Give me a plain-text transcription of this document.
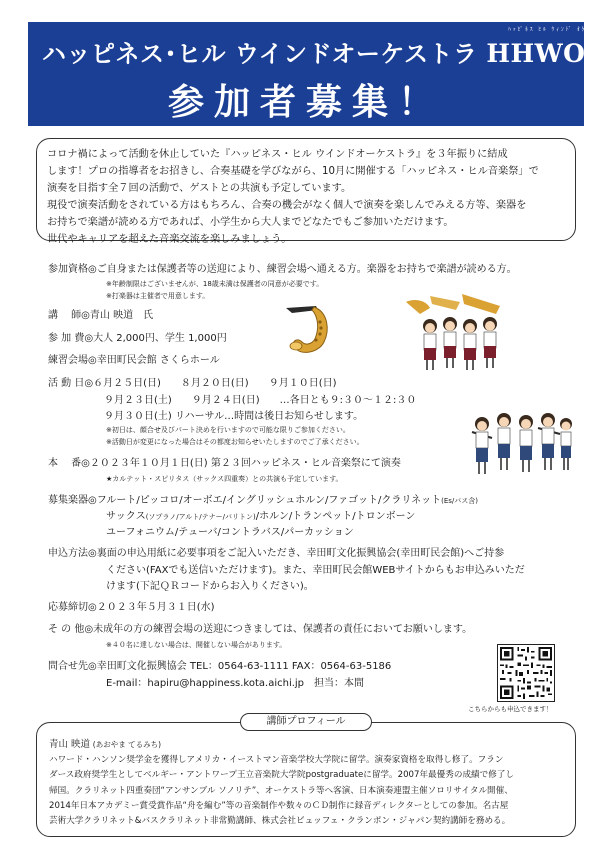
ﾊｯﾋﾟﾈｽ ﾋﾙ ｳｨﾝﾄﾞ ｵｹ
ハッピネス･ヒル ウインドオーケストラ HHWO
参加者募集！

コロナ禍によって活動を休止していた『ハッピネス・ヒル ウインドオーケストラ』を３年振りに結成

します！プロの指導者をお招きし、合奏基礎を学びながら、10月に開催する「ハッピネス・ヒル音楽祭」で

演奏を目指す全７回の活動で、ゲストとの共演も予定しています。

現役で演奏活動をされている方はもちろん、合奏の機会がなく個人で演奏を楽しんでみえる方等、楽器を

お持ちで楽譜が読める方であれば、小学生から大人までどなたでもご参加いただけます。

世代やキャリアを超えた音楽交流を楽しみましょう。

参加資格◎ご自身または保護者等の送迎により、練習会場へ通える方。楽器をお持ちで楽譜が読める方。
※年齢制限はございませんが、18歳未満は保護者の同意が必要です。
※打楽器は主催者で用意します。
講　 師◎青山 映道　氏
参 加 費◎大人 2,000円、学生 1,000円
練習会場◎幸田町民会館 さくらホール
活 動 日◎６月２５日(日)　　８月２０日(日)　　９月１０日(日)
９月２３日(土)　　９月２４日(日)　　…各日とも９:３０～１２:３０
９月３０日(土) リハーサル…時間は後日お知らせします。
※初日は、顔合せ及びパート決めを行いますので可能な限りご参加ください。
※活動日が変更になった場合はその都度お知らせいたしますのでご了承ください。
本　 番◎２０２３年１０月１日(日) 第２３回ハッピネス・ヒル音楽祭にて演奏
★カルテット・スピリタス（サックス四重奏）との共演も予定しています。
募集楽器◎フルート/ピッコロ/オーボエ/イングリッシュホルン/ファゴット/クラリネット(Es/バス含)
サックス(ソプラノ/アルト/テナー/バリトン)/ホルン/トランペット/トロンボーン
ユーフォニウム/テューバ/コントラバス/パーカッション
申込方法◎裏面の申込用紙に必要事項をご記入いただき、幸田町文化振興協会(幸田町民会館)へご持参
ください(FAXでも送信いただけます)。また、幸田町民会館WEBサイトからもお申込みいただ
けます(下記ＱＲコードからお入りください)。
応募締切◎２０２３年５月３１日(水)
そ の 他◎未成年の方の練習会場の送迎につきましては、保護者の責任においてお願いします。
※４０名に達しない場合は、開催しない場合があります。
問合せ先◎幸田町文化振興協会 TEL：0564-63-1111 FAX：0564-63-5186
E-mail：hapiru@happiness.kota.aichi.jp　担当：本間
こちらからも申込できます！
講師プロフィール
青山 映道 (あおやま てるみち)

ハワード・ハンソン奨学金を獲得しアメリカ・イーストマン音楽学校大学院に留学。演奏家資格を取得し修了。フラン

ダース政府奨学生としてベルギー・アントワープ王立音楽院大学院postgraduateに留学。2007年最優秀の成績で修了し

帰国。クラリネット四重奏団“アンサンブル ソノリテ”、オーケストラ等へ客演、日本演奏連盟主催ソロリサイタル開催、

2014年日本アカデミー賞受賞作品“舟を編む”等の音楽制作や数々のＣＤ制作に録音ディレクターとしての参加。名古屋

芸術大学クラリネット&バスクラリネット非常勤講師、株式会社ビュッフェ・クランポン・ジャパン契約講師を務める。
